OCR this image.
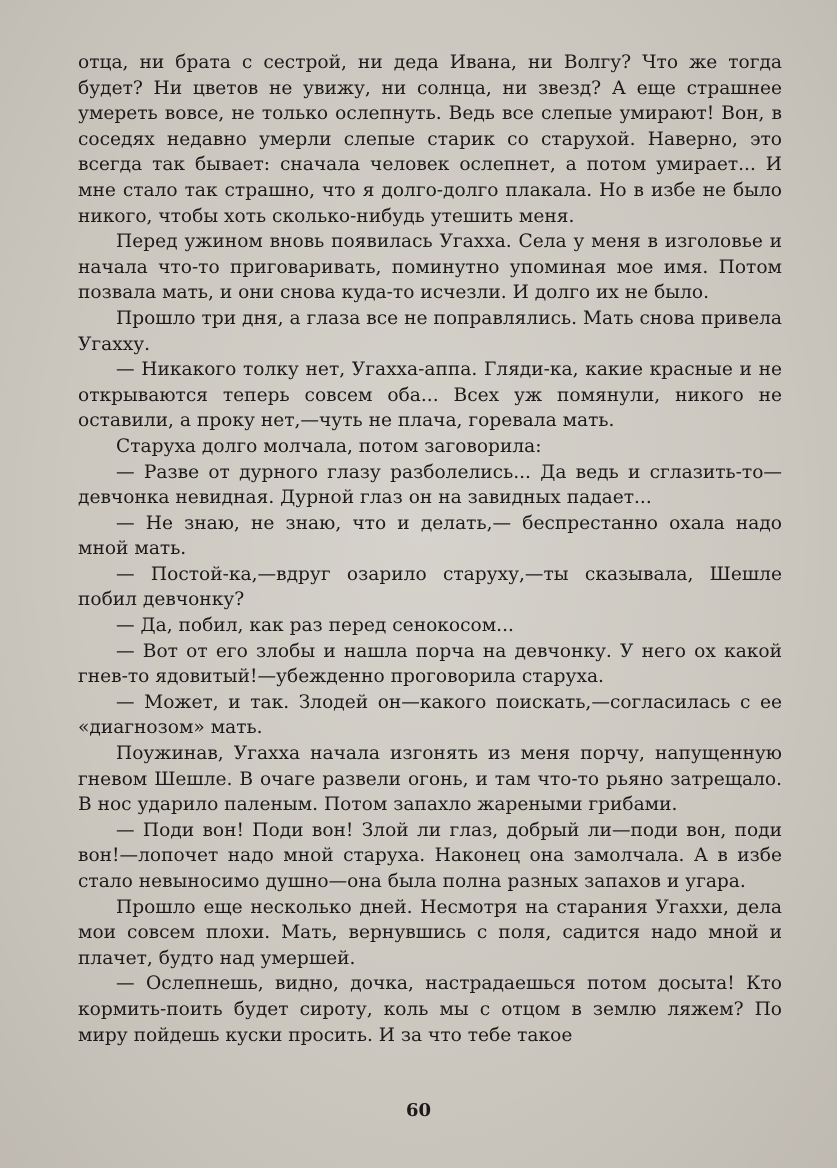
отца, ни брата с сестрой, ни деда Ивана, ни Волгу? Что же тогда будет? Ни цветов не увижу, ни солнца, ни звезд? А еще страшнее умереть вовсе, не только ослепнуть. Ведь все слепые умирают! Вон, в соседях недавно умерли слепые старик со старухой. Наверно, это всегда так бывает: сначала человек ослепнет, а потом умирает... И мне стало так страшно, что я долго-долго плакала. Но в избе не было никого, чтобы хоть сколько-нибудь утешить меня.

Перед ужином вновь появилась Угахха. Села у меня в изголовье и начала что-то приговаривать, поминутно упоминая мое имя. Потом позвала мать, и они снова куда-то исчезли. И долго их не было.

Прошло три дня, а глаза все не поправлялись. Мать снова привела Угахху.

— Никакого толку нет, Угахха-аппа. Гляди-ка, какие красные и не открываются теперь совсем оба... Всех уж помянули, никого не оставили, а проку нет,—чуть не плача, горевала мать.

Старуха долго молчала, потом заговорила:

— Разве от дурного глазу разболелись... Да ведь и сглазить-то—девчонка невидная. Дурной глаз он на завидных падает...

— Не знаю, не знаю, что и делать,— беспрестанно охала надо мной мать.

— Постой-ка,—вдруг озарило старуху,—ты сказывала, Шешле побил девчонку?

— Да, побил, как раз перед сенокосом...

— Вот от его злобы и нашла порча на девчонку. У него ох какой гнев-то ядовитый!—убежденно проговорила старуха.

— Может, и так. Злодей он—какого поискать,—согласилась с ее «диагнозом» мать.

Поужинав, Угахха начала изгонять из меня порчу, напущенную гневом Шешле. В очаге развели огонь, и там что-то рьяно затрещало. В нос ударило паленым. Потом запахло жареными грибами.

— Поди вон! Поди вон! Злой ли глаз, добрый ли—поди вон, поди вон!—лопочет надо мной старуха. Наконец она замолчала. А в избе стало невыносимо душно—она была полна разных запахов и угара.

Прошло еще несколько дней. Несмотря на старания Угаххи, дела мои совсем плохи. Мать, вернувшись с поля, садится надо мной и плачет, будто над умершей.

— Ослепнешь, видно, дочка, настрадаешься потом досыта! Кто кормить-поить будет сироту, коль мы с отцом в землю ляжем? По миру пойдешь куски просить. И за что тебе такое

60
